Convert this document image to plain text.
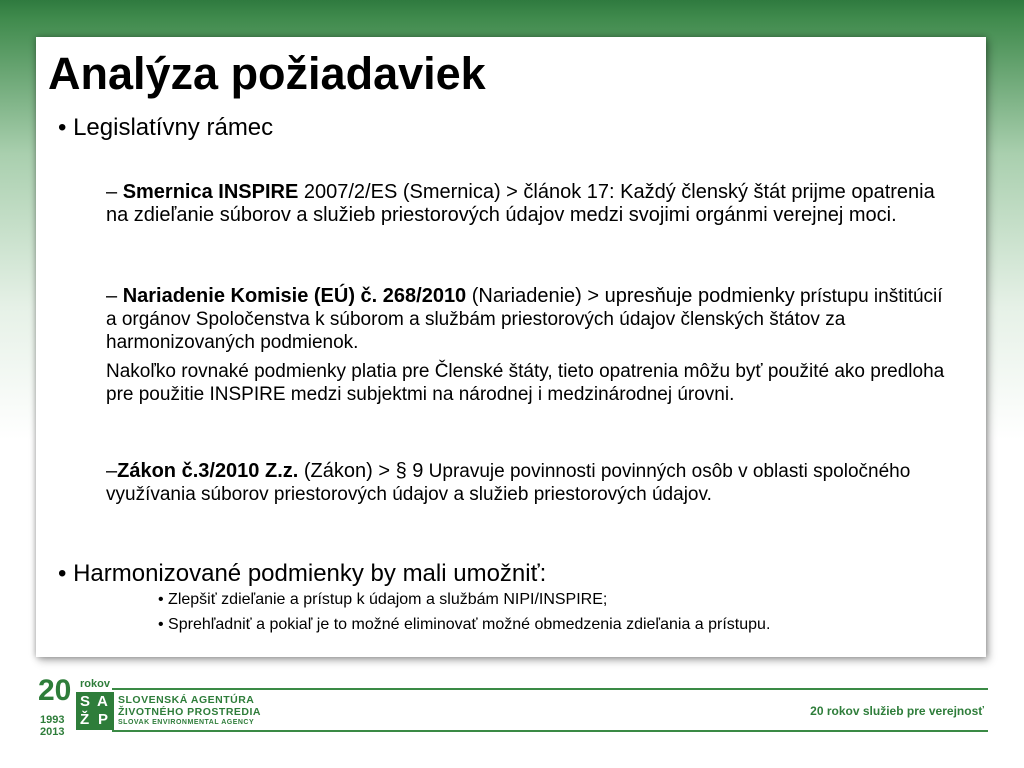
Analýza požiadaviek
• Legislatívny rámec
– Smernica INSPIRE 2007/2/ES (Smernica) > článok 17: Každý členský štát prijme opatrenia na zdieľanie súborov a služieb priestorových údajov medzi svojimi orgánmi verejnej moci.
– Nariadenie Komisie (EÚ) č. 268/2010 (Nariadenie) > upresňuje podmienky prístupu inštitúcií a orgánov Spoločenstva k súborom a službám priestorových údajov členských štátov za harmonizovaných podmienok.
Nakoľko rovnaké podmienky platia pre Členské štáty, tieto opatrenia môžu byť použité ako predloha pre použitie INSPIRE medzi subjektmi na národnej i medzinárodnej úrovni.
–Zákon č.3/2010 Z.z. (Zákon) > § 9 Upravuje povinnosti povinných osôb v oblasti spoločného využívania súborov priestorových údajov a služieb priestorových údajov.
• Harmonizované podmienky by mali umožniť:
• Zlepšiť zdieľanie a prístup k údajom a službám NIPI/INSPIRE;
• Sprehľadniť a pokiaľ je to možné eliminovať možné obmedzenia zdieľania a prístupu.
20 rokov
S A
Ž P
1993
2013
SLOVENSKÁ AGENTÚRA
ŽIVOTNÉHO PROSTREDIA
SLOVAK ENVIRONMENTAL AGENCY
20 rokov služieb pre verejnosť
